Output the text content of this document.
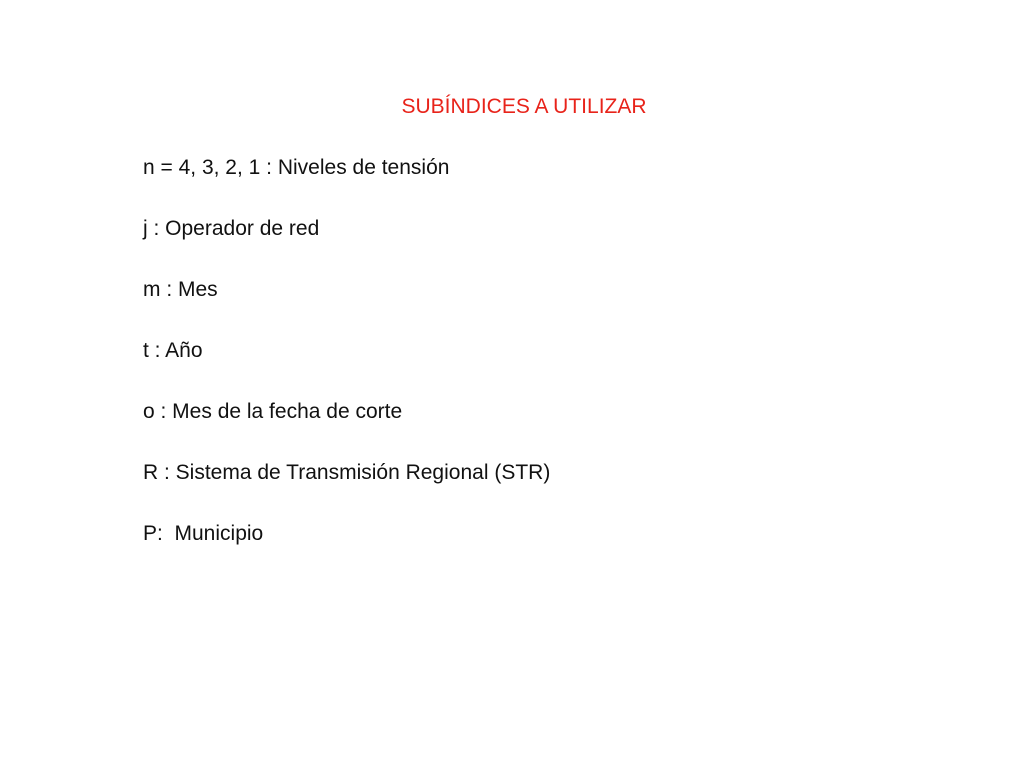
SUBÍNDICES A UTILIZAR
n = 4, 3, 2, 1 : Niveles de tensión
j : Operador de red
m : Mes
t : Año
o : Mes de la fecha de corte
R : Sistema de Transmisión Regional (STR)
P:  Municipio
